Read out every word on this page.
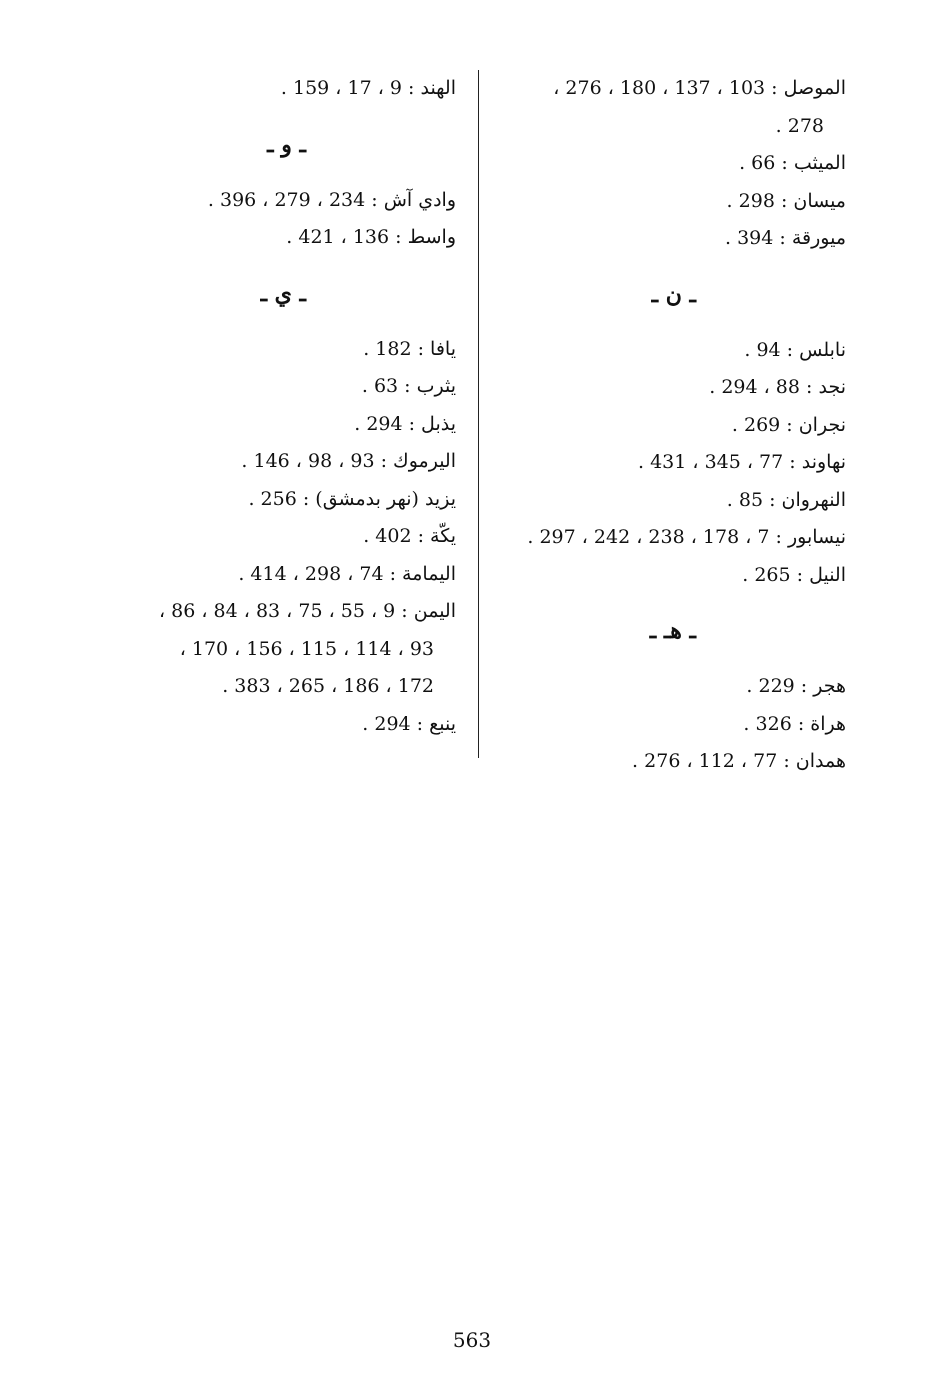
الموصل : 103 ، 137 ، 180 ، 276 ،
278 .
الميثب : 66 .
ميسان : 298 .
ميورقة : 394 .
ـ ن ـ
نابلس : 94 .
نجد : 88 ، 294 .
نجران : 269 .
نهاوند : 77 ، 345 ، 431 .
النهروان : 85 .
نيسابور : 7 ، 178 ، 238 ، 242 ، 297 .
النيل : 265 .
ـ هـ ـ
هجر : 229 .
هراة : 326 .
همدان : 77 ، 112 ، 276 .
الهند : 9 ، 17 ، 159 .
ـ و ـ
وادي آش : 234 ، 279 ، 396 .
واسط : 136 ، 421 .
ـ ي ـ
يافا : 182 .
يثرب : 63 .
يذبل : 294 .
اليرموك : 93 ، 98 ، 146 .
يزيد (نهر بدمشق) : 256 .
يكّة : 402 .
اليمامة : 74 ، 298 ، 414 .
اليمن : 9 ، 55 ، 75 ، 83 ، 84 ، 86 ،
93 ، 114 ، 115 ، 156 ، 170 ،
172 ، 186 ، 265 ، 383 .
ينبع : 294 .
563
